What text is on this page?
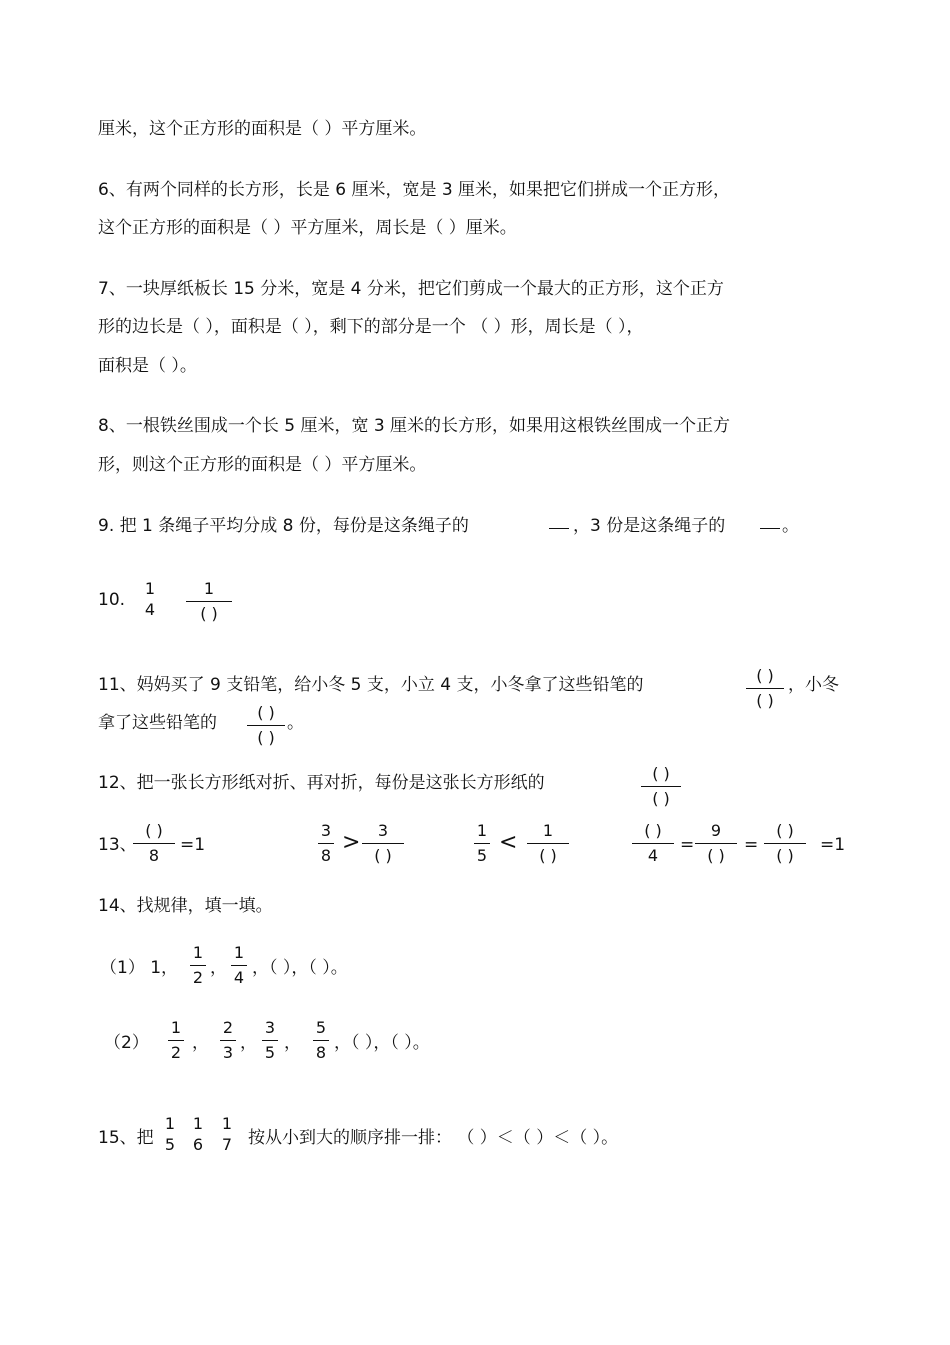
厘米，这个正方形的面积是（ ）平方厘米。
6、有两个同样的长方形，长是 6 厘米，宽是 3 厘米，如果把它们拼成一个正方形，
这个正方形的面积是（ ）平方厘米，周长是（ ）厘米。
7、一块厚纸板长 15 分米，宽是 4 分米，把它们剪成一个最大的正方形，这个正方
形的边长是（ ），面积是（ ），剩下的部分是一个 （ ）形，周长是（ ），
面积是（ ）。
8、一根铁丝围成一个长 5 厘米，宽 3 厘米的长方形，如果用这根铁丝围成一个正方
形，则这个正方形的面积是（ ）平方厘米。
9. 把 1 条绳子平均分成 8 份，每份是这条绳子的	，3 份是这条绳子的	。
10.
1
4
1
( )
11、妈妈买了 9 支铅笔，给小冬 5 支，小立 4 支，小冬拿了这些铅笔的	( )
( )
，小冬
拿了这些铅笔的
( )
( )
。
12、把一张长方形纸对折、再对折，每份是这张长方形纸的	( )
( )
13、
( )
8
=1
3
8
>	3
( )
1
5
<	1
( )
( )
4
=
9
( )
=
( )
( )
=1
14、找规律，填一填。
（1） 1，
1
2 ，
1
4 ，（ ），（ ）。
（2）
1
2 ，
2
3 ，
3
5 ，
5
8 ，（ ），（ ）。
15、把
1
5
1
6
1
7 按从小到大的顺序排一排： （ ）＜（ ）＜（ ）。
